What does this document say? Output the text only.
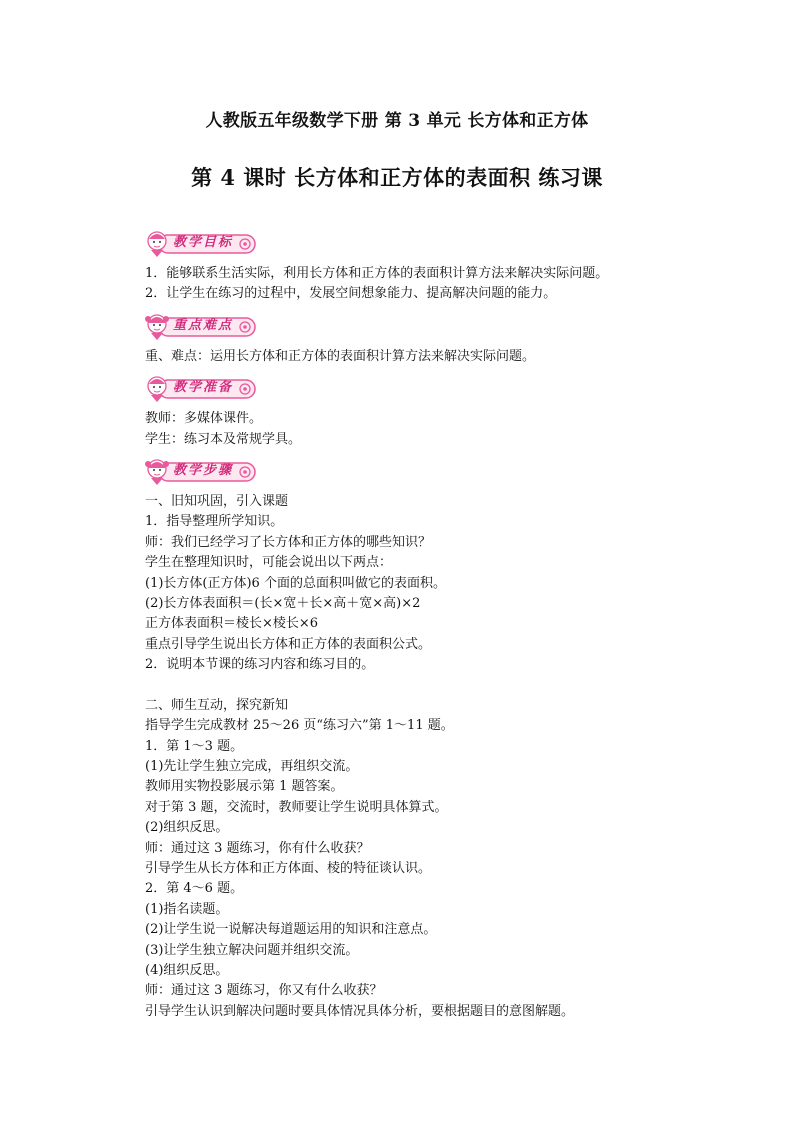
人教版五年级数学下册 第 3 单元 长方体和正方体
第 4 课时 长方体和正方体的表面积 练习课
教学目标
1．能够联系生活实际，利用长方体和正方体的表面积计算方法来解决实际问题。
2．让学生在练习的过程中，发展空间想象能力、提高解决问题的能力。
重点难点
重、难点：运用长方体和正方体的表面积计算方法来解决实际问题。
教学准备
教师：多媒体课件。
学生：练习本及常规学具。
教学步骤
一、旧知巩固，引入课题
1．指导整理所学知识。
师：我们已经学习了长方体和正方体的哪些知识？
学生在整理知识时，可能会说出以下两点：
(1)长方体(正方体)6 个面的总面积叫做它的表面积。
(2)长方体表面积＝(长×宽＋长×高＋宽×高)×2
正方体表面积＝棱长×棱长×6
重点引导学生说出长方体和正方体的表面积公式。
2．说明本节课的练习内容和练习目的。
二、师生互动，探究新知
指导学生完成教材 25～26 页“练习六”第 1～11 题。
1．第 1～3 题。
(1)先让学生独立完成，再组织交流。
教师用实物投影展示第 1 题答案。
对于第 3 题，交流时，教师要让学生说明具体算式。
(2)组织反思。
师：通过这 3 题练习，你有什么收获？
引导学生从长方体和正方体面、棱的特征谈认识。
2．第 4～6 题。
(1)指名读题。
(2)让学生说一说解决每道题运用的知识和注意点。
(3)让学生独立解决问题并组织交流。
(4)组织反思。
师：通过这 3 题练习，你又有什么收获？
引导学生认识到解决问题时要具体情况具体分析，要根据题目的意图解题。
